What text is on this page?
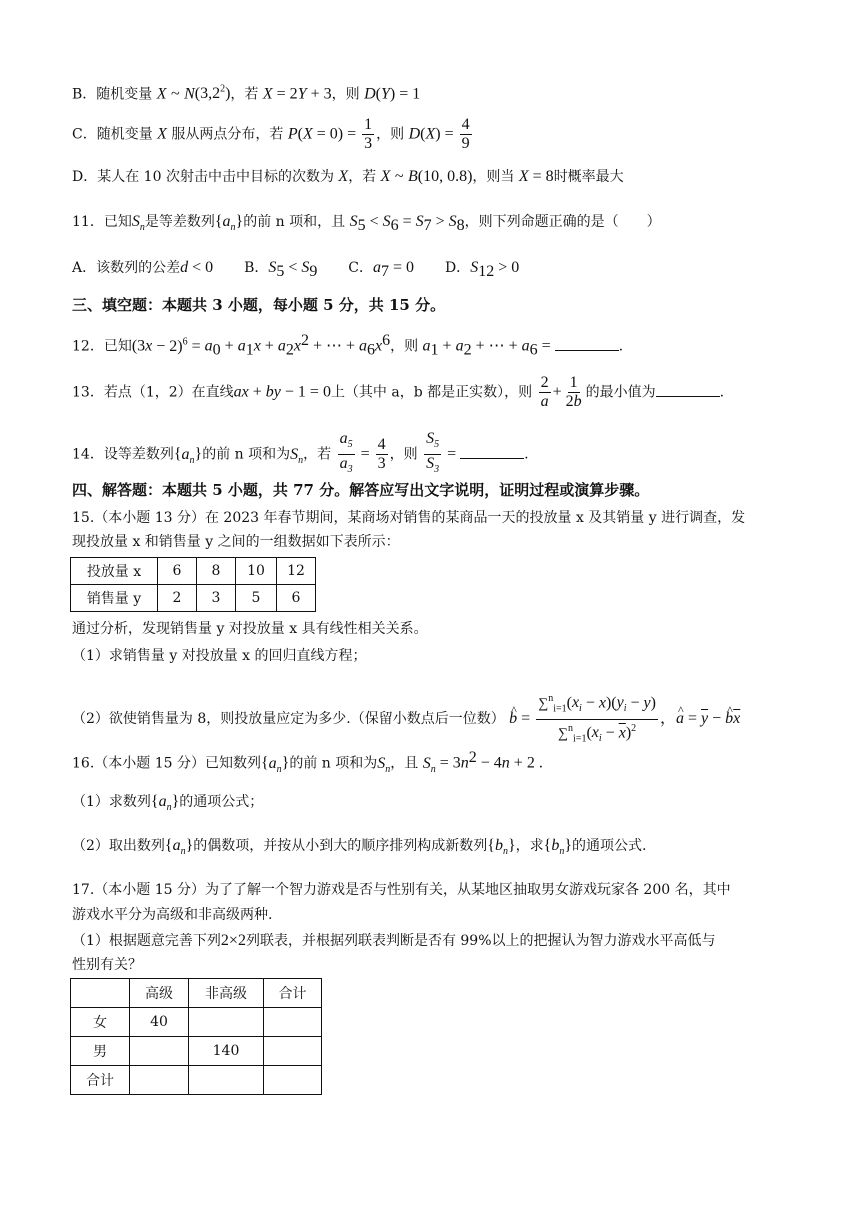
B．随机变量 X ~ $N(3,2^2)$，若 X = 2Y + 3，则 D(Y) = 1
C．随机变量 X 服从两点分布，若 $P(X = 0) = \frac{1}{3}$ ，则 $D(X) = \frac{4}{9}$
D．某人在 10 次射击中击中目标的次数为 X，若 X ~ B(10, 0.8)，则当 X = 8时概率最大
11．已知$S_n$是等差数列$\{a_n\}$的前 n 项和，且 $S_5 < S_6 = S_7 > S_8$，则下列命题正确的是（　　）
A．该数列的公差d < 0 B．$S_5 < S_9$ C．$a_7 = 0$ D．$S_{12} > 0$
三、填空题：本题共 3 小题，每小题 5 分，共 15 分。
12．已知$(3x - 2)^6 = a_0 + a_1x + a_2x^2$ + ⋯ + $a_6x^6$，则 $a_1 + a_2$ + ⋯ + $a_6$ =	.
13．若点（1，2）在直线ax + by − 1 = 0上（其中 a，b 都是正实数），则 $\frac{2}{a} + \frac{1}{2b}$ 的最小值为	.
14．设等差数列$\{a_n\}$的前 n 项和为$S_n$，若 $\frac{a_5}{a_3} = \frac{4}{3}$ ，则 $\frac{S_5}{S_3}$ =	.
四、解答题：本题共 5 小题，共 77 分。解答应写出文字说明，证明过程或演算步骤。
15.（本小题 13 分）在 2023 年春节期间，某商场对销售的某商品一天的投放量 x 及其销量 y 进行调查，发
现投放量 x 和销售量 y 之间的一组数据如下表所示：
投放量 x	6	8	10	12
销售量 y	2	3	5	6
通过分析，发现销售量 y 对投放量 x 具有线性相关关系。
（1）求销售量 y 对投放量 x 的回归直线方程；
（2）欲使销售量为 8，则投放量应定为多少.（保留小数点后一位数） ^ $b = \frac{\sum^n_{i=1}(x_i - x)(y_i - y)}{\sum^n_{i=1}(x_i - \overline{x})^2}$ ，^ $a = \overline{y}$ − ^ $b\overline{x}$
16.（本小题 15 分）已知数列$\{a_n\}$的前 n 项和为$S_n$，且 $S_n = 3n^2 - 4n + 2$ .
（1）求数列$\{a_n\}$的通项公式；
（2）取出数列$\{a_n\}$的偶数项，并按从小到大的顺序排列构成新数列$\{b_n\}$，求$\{b_n\}$的通项公式.
17.（本小题 15 分）为了了解一个智力游戏是否与性别有关，从某地区抽取男女游戏玩家各 200 名，其中
游戏水平分为高级和非高级两种.
（1）根据题意完善下列2×2列联表，并根据列联表判断是否有 99%以上的把握认为智力游戏水平高低与
性别有关？
	高级	非高级	合计
女	40		
男		140	
合计			
